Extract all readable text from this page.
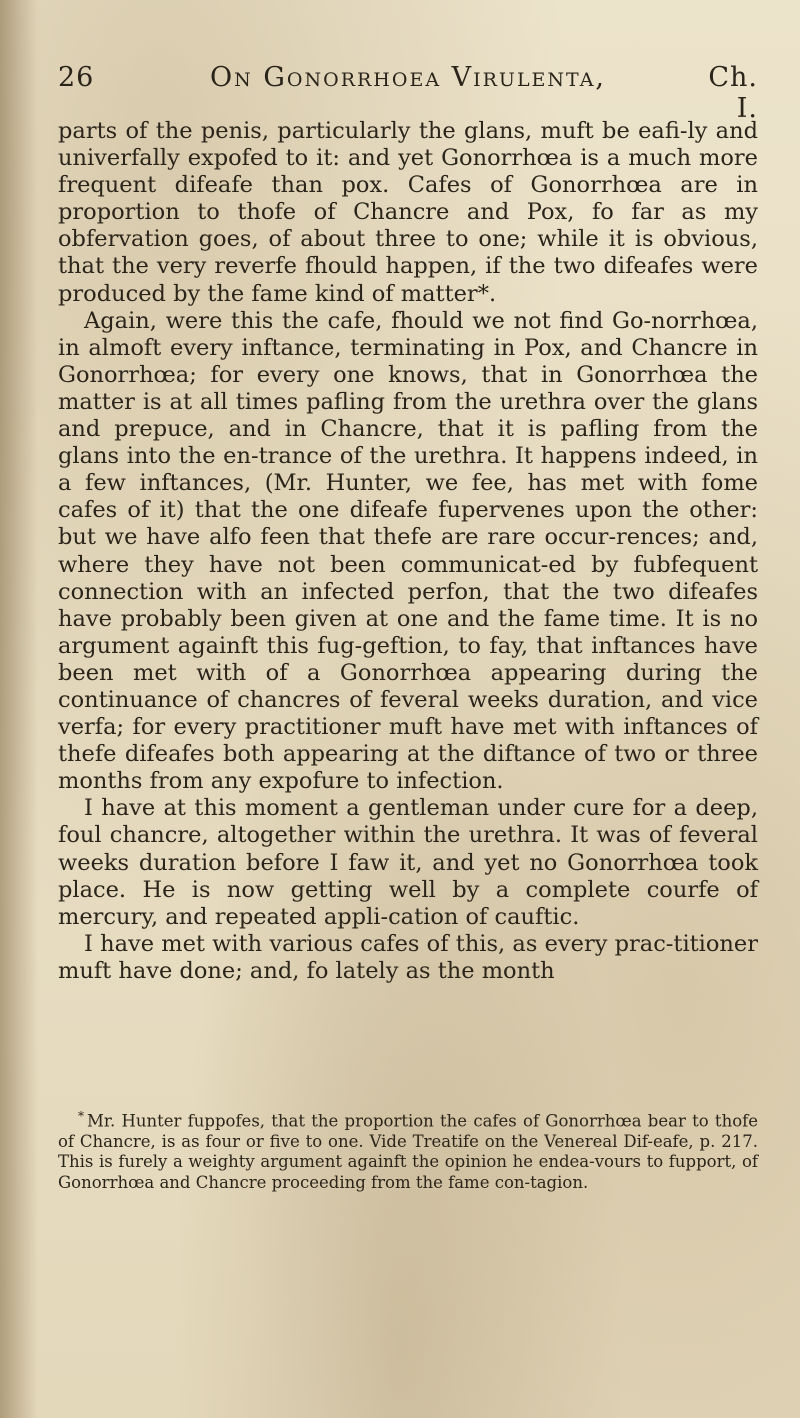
26	On Gonorrhoea Virulenta,	Ch. I.

parts of the penis, particularly the glans, muft be eafi-ly and univerfally expofed to it: and yet Gonorrhœa is a much more frequent difeafe than pox. Cafes of Gonorrhœa are in proportion to thofe of Chancre and Pox, fo far as my obfervation goes, of about three to one; while it is obvious, that the very reverfe fhould happen, if the two difeafes were produced by the fame kind of matter*.

Again, were this the cafe, fhould we not find Go-norrhœa, in almoft every inftance, terminating in Pox, and Chancre in Gonorrhœa; for every one knows, that in Gonorrhœa the matter is at all times pafling from the urethra over the glans and prepuce, and in Chancre, that it is pafling from the glans into the en-trance of the urethra. It happens indeed, in a few inftances, (Mr. Hunter, we fee, has met with fome cafes of it) that the one difeafe fupervenes upon the other: but we have alfo feen that thefe are rare occur-rences; and, where they have not been communicat-ed by fubfequent connection with an infected perfon, that the two difeafes have probably been given at one and the fame time. It is no argument againft this fug-geftion, to fay, that inftances have been met with of a Gonorrhœa appearing during the continuance of chancres of feveral weeks duration, and vice verfa; for every practitioner muft have met with inftances of thefe difeafes both appearing at the diftance of two or three months from any expofure to infection.

I have at this moment a gentleman under cure for a deep, foul chancre, altogether within the urethra. It was of feveral weeks duration before I faw it, and yet no Gonorrhœa took place. He is now getting well by a complete courfe of mercury, and repeated appli-cation of cauftic.

I have met with various cafes of this, as every prac-titioner muft have done; and, fo lately as the month

* Mr. Hunter fuppofes, that the proportion the cafes of Gonorrhœa bear to thofe of Chancre, is as four or five to one. Vide Treatife on the Venereal Dif-eafe, p. 217. This is furely a weighty argument againft the opinion he endea-vours to fupport, of Gonorrhœa and Chancre proceeding from the fame con-tagion.
